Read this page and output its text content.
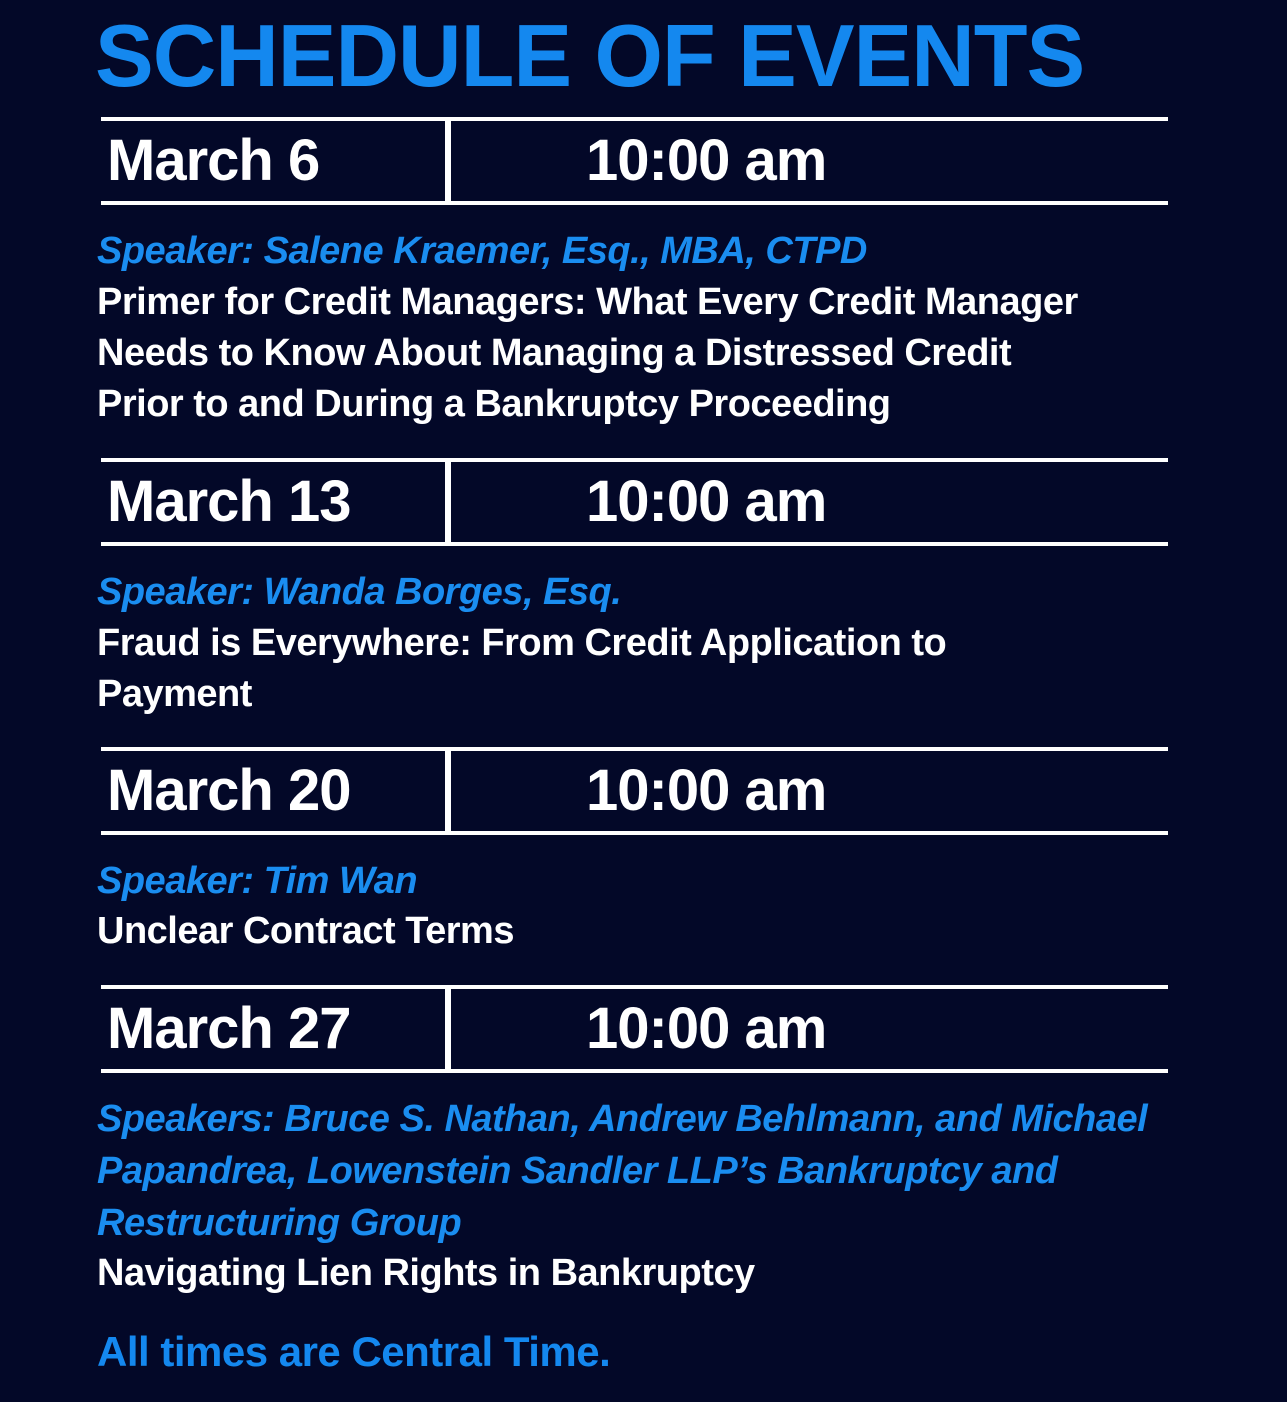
SCHEDULE OF EVENTS
March 6	10:00 am
Speaker: Salene Kraemer, Esq., MBA, CTPD
Primer for Credit Managers: What Every Credit Manager
Needs to Know About Managing a Distressed Credit
Prior to and During a Bankruptcy Proceeding
March 13	10:00 am
Speaker: Wanda Borges, Esq.
Fraud is Everywhere: From Credit Application to
Payment
March 20	10:00 am
Speaker: Tim Wan
Unclear Contract Terms
March 27	10:00 am
Speakers: Bruce S. Nathan, Andrew Behlmann, and Michael
Papandrea, Lowenstein Sandler LLP’s Bankruptcy and
Restructuring Group
Navigating Lien Rights in Bankruptcy
All times are Central Time.
